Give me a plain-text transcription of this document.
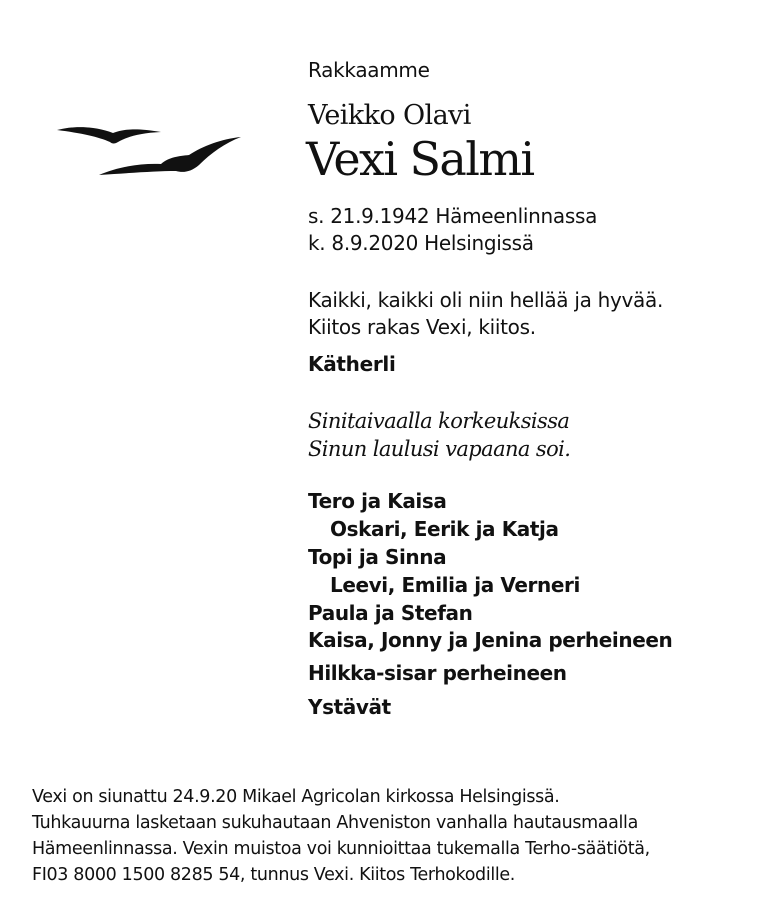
Rakkaamme
Veikko Olavi
Vexi Salmi
s. 21.9.1942 Hämeenlinnassa
k. 8.9.2020 Helsingissä
Kaikki, kaikki oli niin hellää ja hyvää.
Kiitos rakas Vexi, kiitos.
Kätherli
Sinitaivaalla korkeuksissa
Sinun laulusi vapaana soi.
Tero ja Kaisa
Oskari, Eerik ja Katja
Topi ja Sinna
Leevi, Emilia ja Verneri
Paula ja Stefan
Kaisa, Jonny ja Jenina perheineen
Hilkka-sisar perheineen
Ystävät
Vexi on siunattu 24.9.20 Mikael Agricolan kirkossa Helsingissä.
Tuhkauurna lasketaan sukuhautaan Ahveniston vanhalla hautausmaalla
Hämeenlinnassa. Vexin muistoa voi kunnioittaa tukemalla Terho-säätiötä,
FI03 8000 1500 8285 54, tunnus Vexi. Kiitos Terhokodille.
